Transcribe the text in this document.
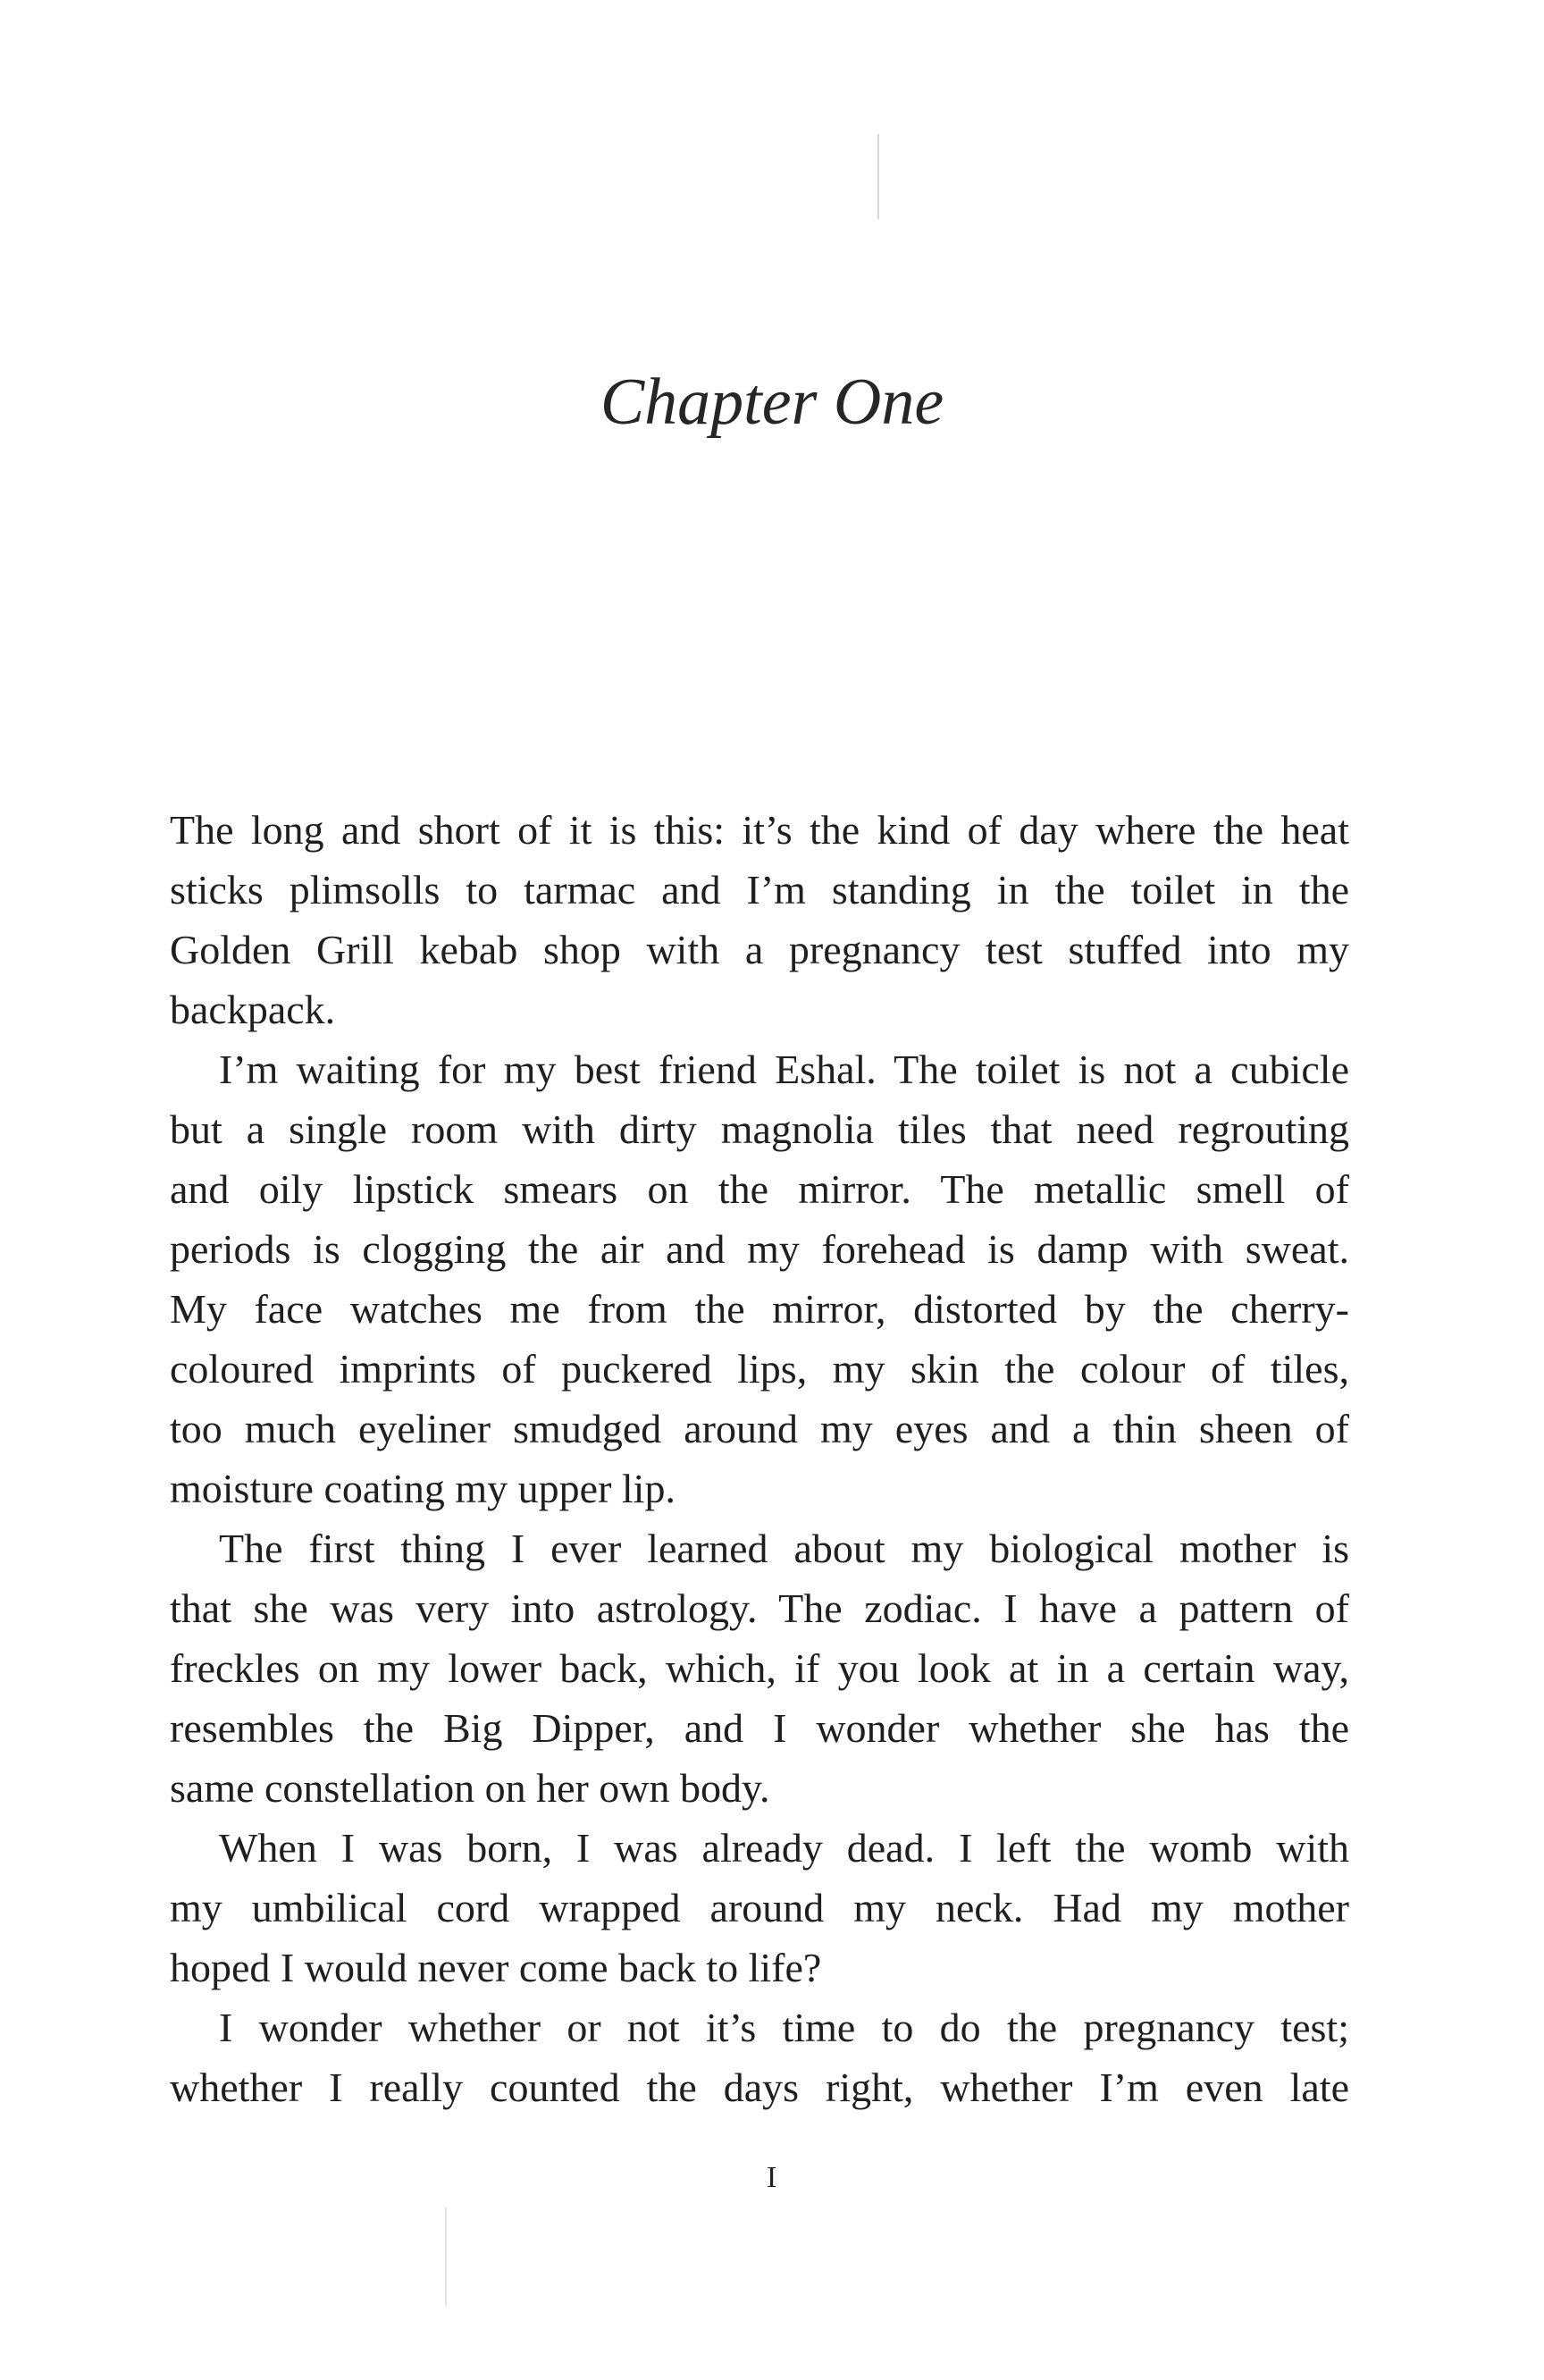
Chapter One
The long and short of it is this: it’s the kind of day where the heat
sticks plimsolls to tarmac and I’m standing in the toilet in the
Golden Grill kebab shop with a pregnancy test stuffed into my
backpack.
I’m waiting for my best friend Eshal. The toilet is not a cubicle
but a single room with dirty magnolia tiles that need regrouting
and oily lipstick smears on the mirror. The metallic smell of
periods is clogging the air and my forehead is damp with sweat.
My face watches me from the mirror, distorted by the cherry-
coloured imprints of puckered lips, my skin the colour of tiles,
too much eyeliner smudged around my eyes and a thin sheen of
moisture coating my upper lip.
The first thing I ever learned about my biological mother is
that she was very into astrology. The zodiac. I have a pattern of
freckles on my lower back, which, if you look at in a certain way,
resembles the Big Dipper, and I wonder whether she has the
same constellation on her own body.
When I was born, I was already dead. I left the womb with
my umbilical cord wrapped around my neck. Had my mother
hoped I would never come back to life?
I wonder whether or not it’s time to do the pregnancy test;
whether I really counted the days right, whether I’m even late
I
